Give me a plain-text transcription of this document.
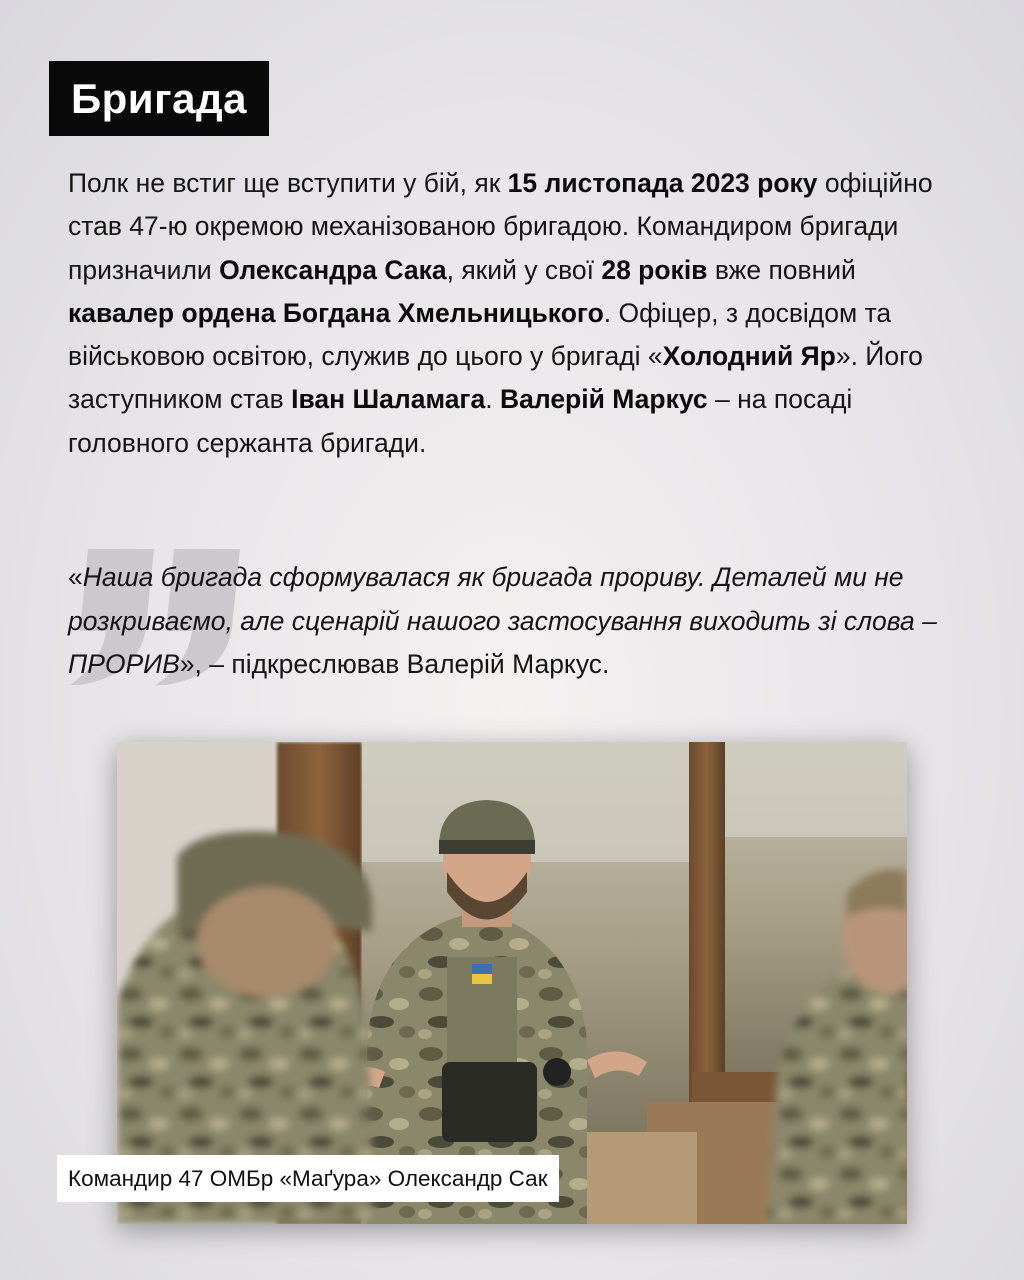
Бригада

Полк не встиг ще вступити у бій, як 15 листопада 2023 року офіційно став 47-ю окремою механізованою бригадою. Командиром бригади призначили Олександра Сака, який у свої 28 років вже повний кавалер ордена Богдана Хмельницького. Офіцер, з досвідом та військовою освітою, служив до цього у бригаді «Холодний Яр». Його заступником став Іван Шаламага. Валерій Маркус – на посаді головного сержанта бригади.

«Наша бригада сформувалася як бригада прориву. Деталей ми не розкриваємо, але сценарій нашого застосування виходить зі слова – ПРОРИВ», – підкреслював Валерій Маркус.

Командир 47 ОМБр «Маґура» Олександр Сак
